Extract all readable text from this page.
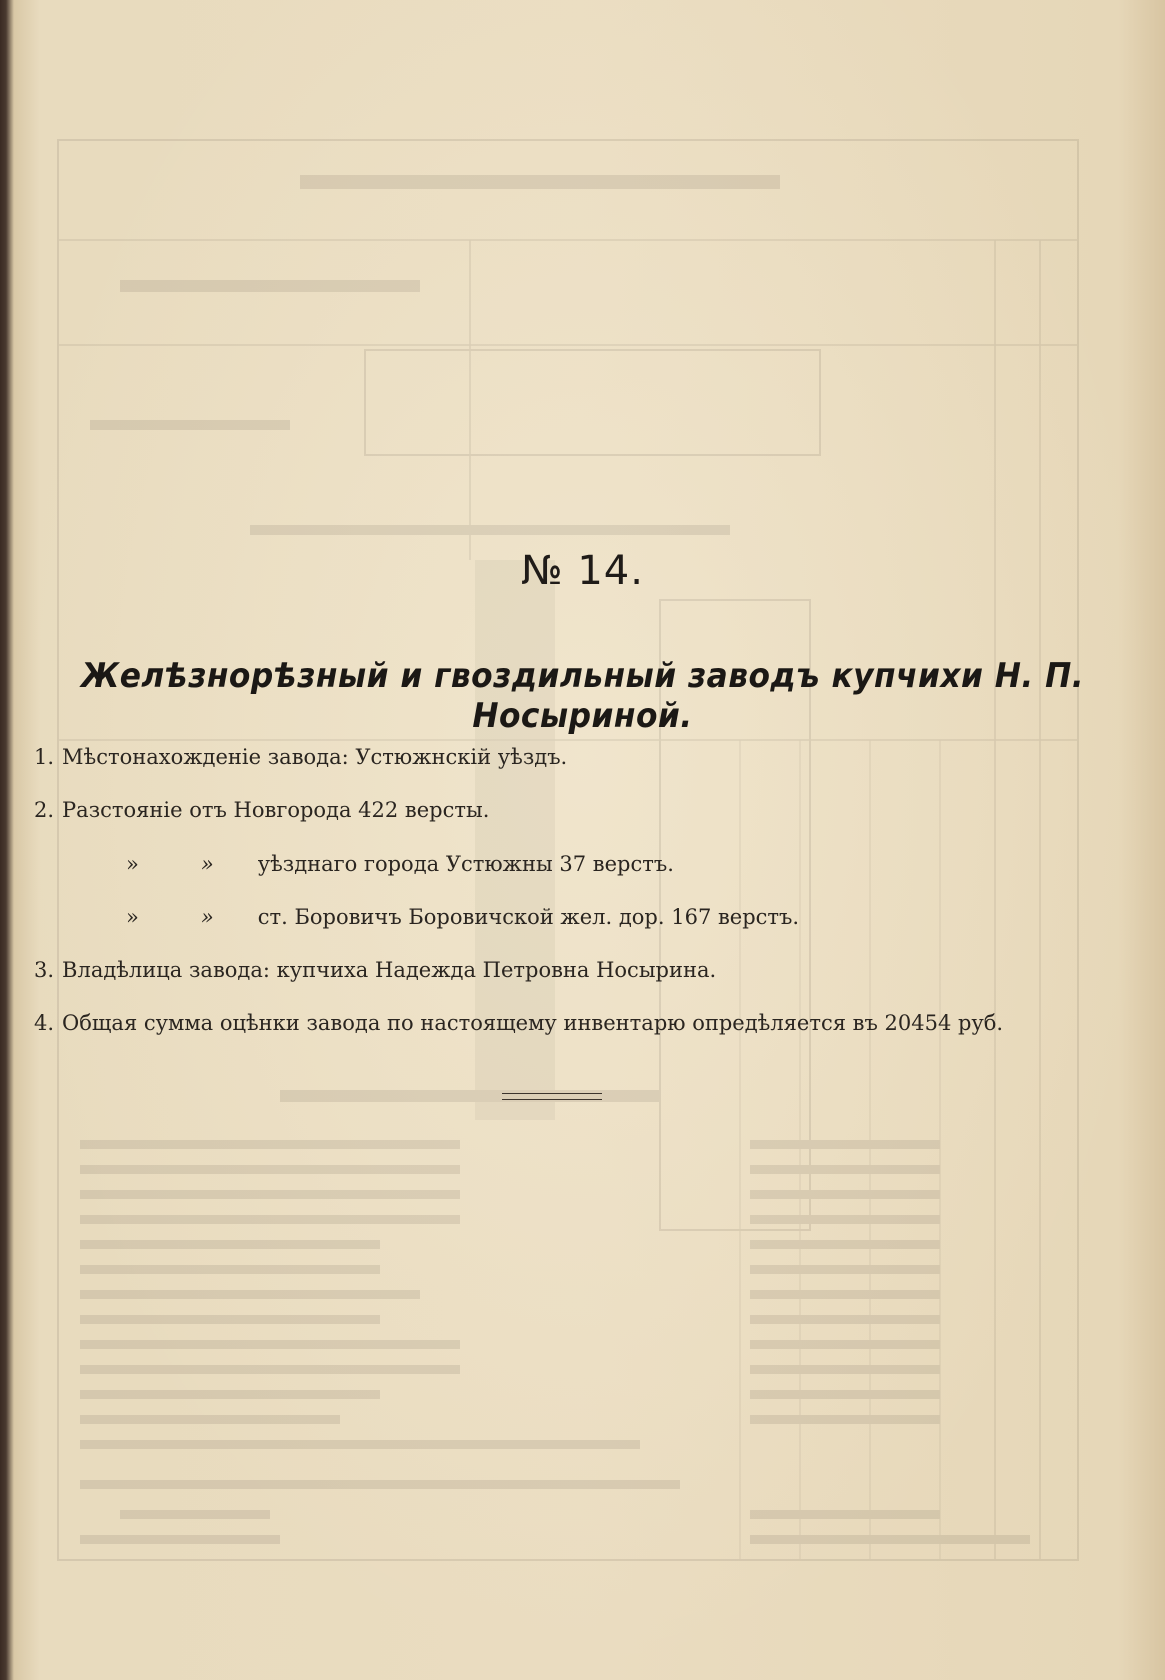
№ 14.
Желѣзнорѣзный и гвоздильный заводъ купчихи Н. П. Носыриной.
1. Мѣстонахожденіе завода: Устюжнскій уѣздъ.
2. Разстояніе отъ Новгорода 422 версты.
»	» уѣзднаго города Устюжны 37 верстъ.
»	» ст. Боровичъ Боровичской жел. дор. 167 верстъ.
3. Владѣлица завода: купчиха Надежда Петровна Носырина.
4. Общая сумма оцѣнки завода по настоящему инвентарю опредѣляется въ 20454 руб.
